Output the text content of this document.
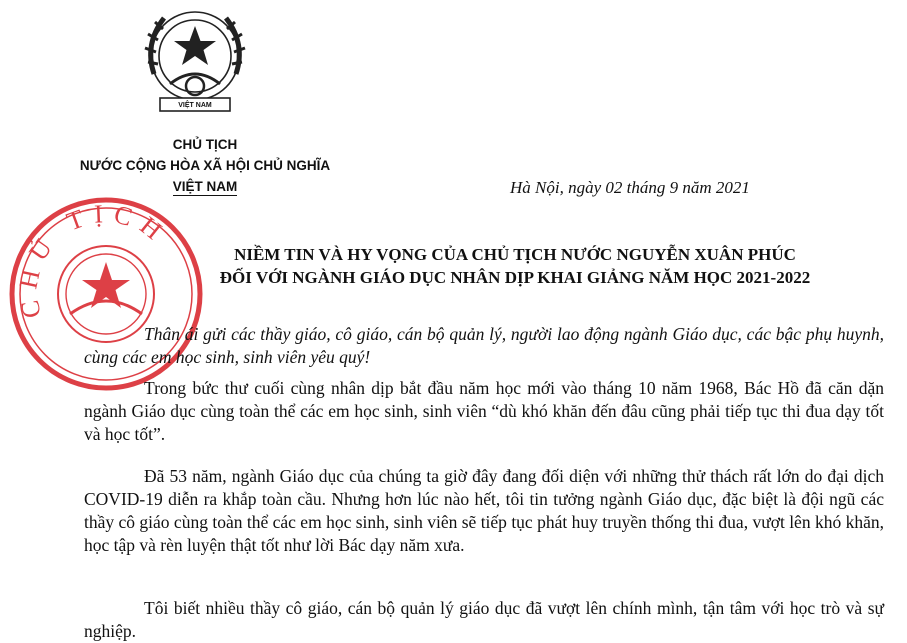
VIỆT NAM
CHỦ TỊCH
NƯỚC CỘNG HÒA XÃ HỘI CHỦ NGHĨA
VIỆT NAM	Hà Nội, ngày 02 tháng 9 năm 2021
CHỦ TỊCH
NIỀM TIN VÀ HY VỌNG CỦA CHỦ TỊCH NƯỚC NGUYỄN XUÂN PHÚC
ĐỐI VỚI NGÀNH GIÁO DỤC NHÂN DỊP KHAI GIẢNG NĂM HỌC 2021-2022
Thân ái gửi các thầy giáo, cô giáo, cán bộ quản lý, người lao động ngành Giáo dục, các bậc phụ huynh, cùng các em học sinh, sinh viên yêu quý!
Trong bức thư cuối cùng nhân dịp bắt đầu năm học mới vào tháng 10 năm 1968, Bác Hồ đã căn dặn ngành Giáo dục cùng toàn thể các em học sinh, sinh viên “dù khó khăn đến đâu cũng phải tiếp tục thi đua dạy tốt và học tốt”.
Đã 53 năm, ngành Giáo dục của chúng ta giờ đây đang đối diện với những thử thách rất lớn do đại dịch COVID-19 diễn ra khắp toàn cầu. Nhưng hơn lúc nào hết, tôi tin tưởng ngành Giáo dục, đặc biệt là đội ngũ các thầy cô giáo cùng toàn thể các em học sinh, sinh viên sẽ tiếp tục phát huy truyền thống thi đua, vượt lên khó khăn, học tập và rèn luyện thật tốt như lời Bác dạy năm xưa.
Tôi biết nhiều thầy cô giáo, cán bộ quản lý giáo dục đã vượt lên chính mình, tận tâm với học trò và sự nghiệp.
